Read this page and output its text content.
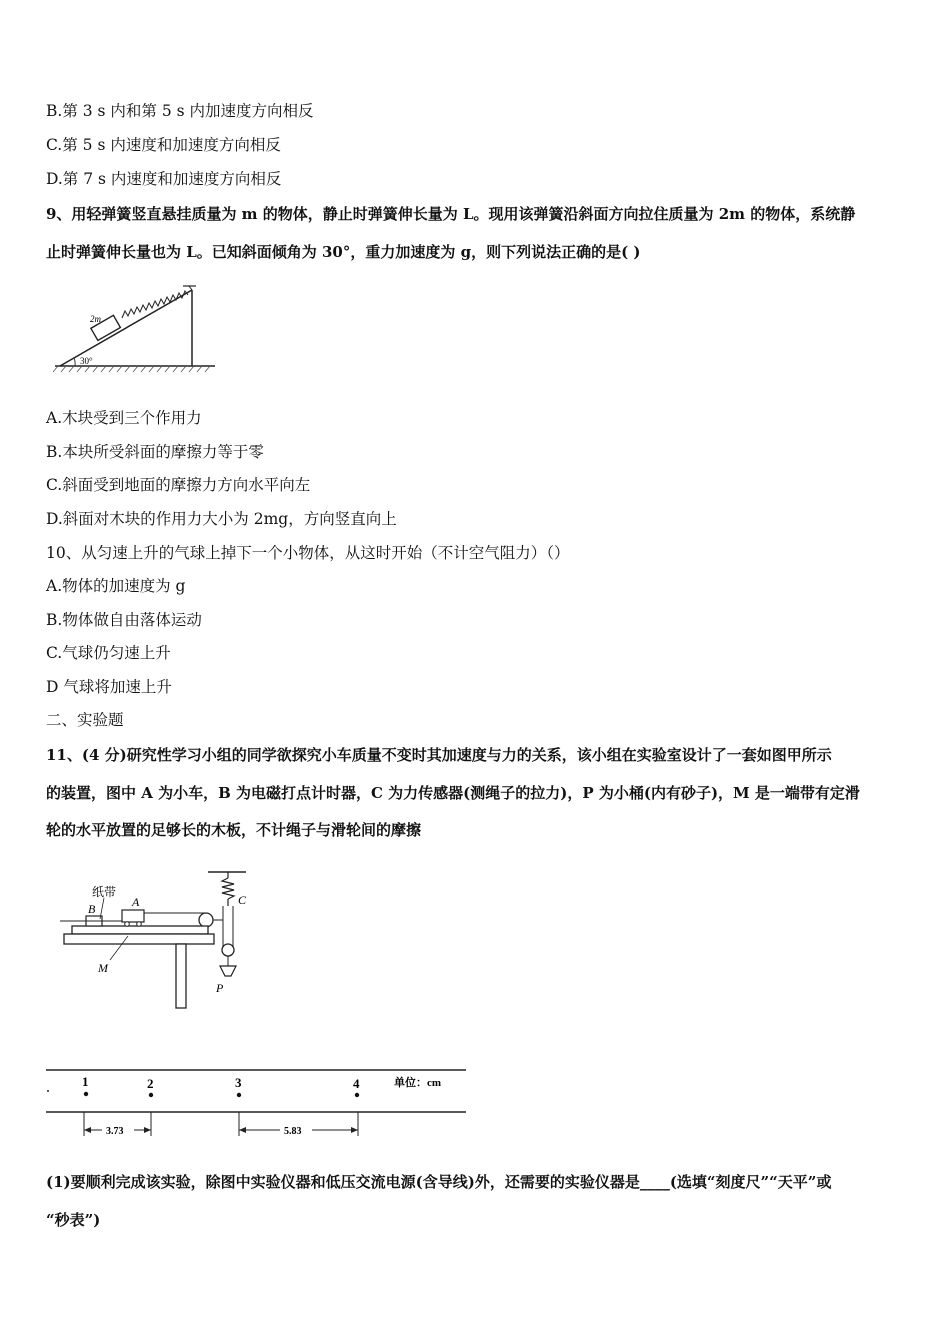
B.第 3 s 内和第 5 s 内加速度方向相反
C.第 5 s 内速度和加速度方向相反
D.第 7 s 内速度和加速度方向相反
9、用轻弹簧竖直悬挂质量为 m 的物体，静止时弹簧伸长量为 L。现用该弹簧沿斜面方向拉住质量为 2m 的物体，系统静
止时弹簧伸长量也为 L。已知斜面倾角为 30°，重力加速度为 g，则下列说法正确的是( )
30°
2m
A.木块受到三个作用力
B.本块所受斜面的摩擦力等于零
C.斜面受到地面的摩擦力方向水平向左
D.斜面对木块的作用力大小为 2mg，方向竖直向上
10、从匀速上升的气球上掉下一个小物体，从这时开始（不计空气阻力）（）
A.物体的加速度为 g
B.物体做自由落体运动
C.气球仍匀速上升
D 气球将加速上升
二、实验题
11、(4 分)研究性学习小组的同学欲探究小车质量不变时其加速度与力的关系，该小组在实验室设计了一套如图甲所示
的装置，图中 A 为小车，B 为电磁打点计时器，C 为力传感器(测绳子的拉力)，P 为小桶(内有砂子)，M 是一端带有定滑
轮的水平放置的足够长的木板，不计绳子与滑轮间的摩擦
C
P
B	A
纸带
M
1	2	3	4	单位：cm
3.73	5.83
(1)要顺利完成该实验，除图中实验仪器和低压交流电源(含导线)外，还需要的实验仪器是____(选填“刻度尺”“天平”或
“秒表”)
